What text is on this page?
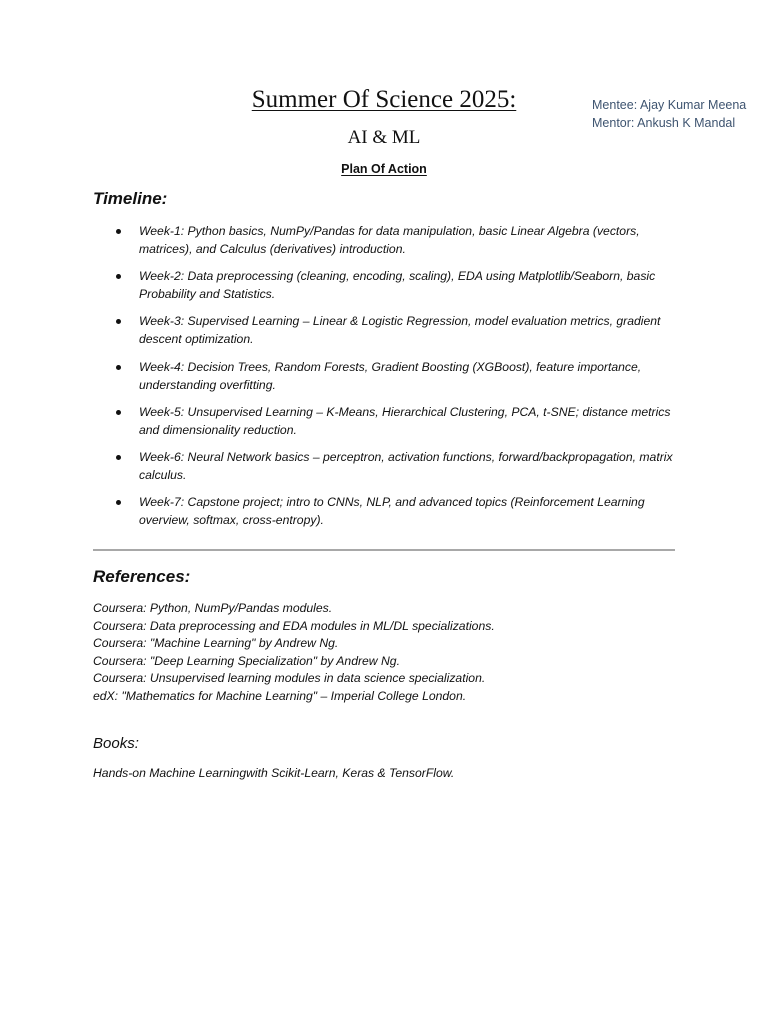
Summer Of Science 2025:
AI & ML

Plan Of Action

Mentee: Ajay Kumar Meena
Mentor: Ankush K Mandal
Timeline:
Week-1: Python basics, NumPy/Pandas for data manipulation, basic Linear Algebra (vectors, matrices), and Calculus (derivatives) introduction.
Week-2: Data preprocessing (cleaning, encoding, scaling), EDA using Matplotlib/Seaborn, basic Probability and Statistics.
Week-3: Supervised Learning – Linear & Logistic Regression, model evaluation metrics, gradient descent optimization.
Week-4: Decision Trees, Random Forests, Gradient Boosting (XGBoost), feature importance, understanding overfitting.
Week-5: Unsupervised Learning – K-Means, Hierarchical Clustering, PCA, t-SNE; distance metrics and dimensionality reduction.
Week-6: Neural Network basics – perceptron, activation functions, forward/backpropagation, matrix calculus.
Week-7: Capstone project; intro to CNNs, NLP, and advanced topics (Reinforcement Learning overview, softmax, cross-entropy).
References:
Coursera: Python, NumPy/Pandas modules.
Coursera: Data preprocessing and EDA modules in ML/DL specializations.
Coursera: "Machine Learning" by Andrew Ng.
Coursera: "Deep Learning Specialization" by Andrew Ng.
Coursera: Unsupervised learning modules in data science specialization.
edX: "Mathematics for Machine Learning" – Imperial College London.
Books:

Hands-on Machine Learningwith Scikit-Learn, Keras & TensorFlow.
